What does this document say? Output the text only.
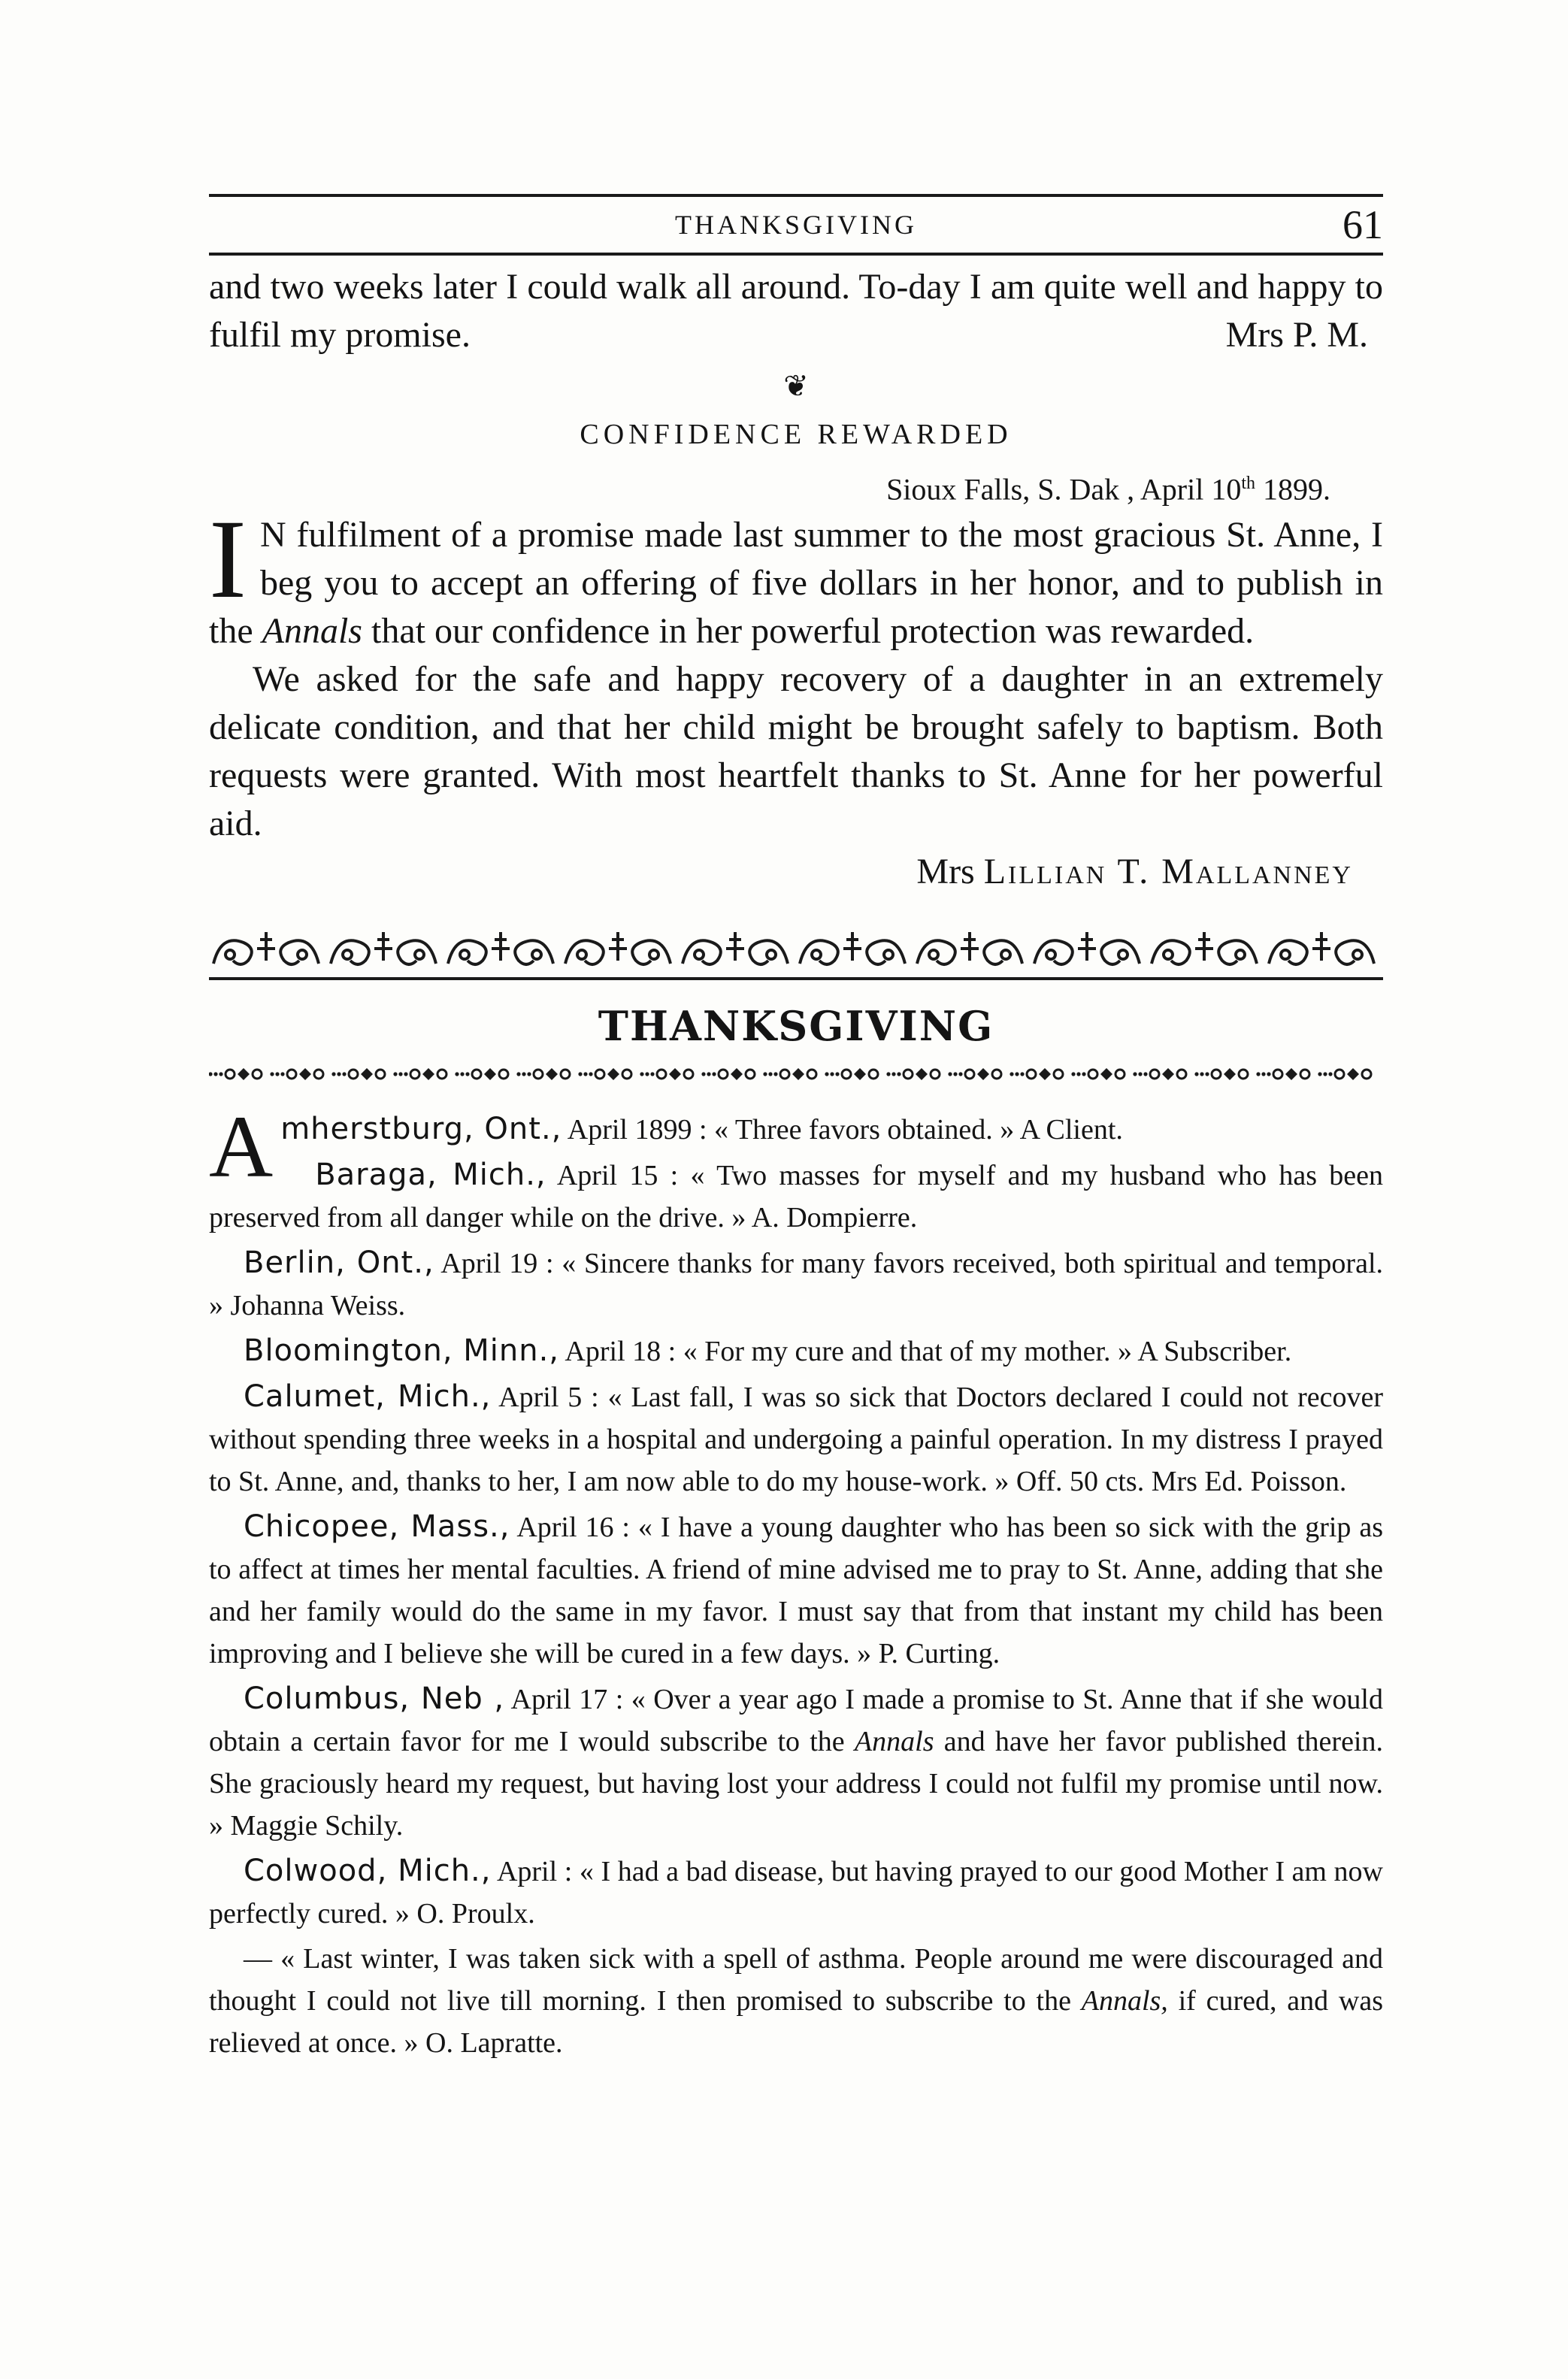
THANKSGIVING	61
and two weeks later I could walk all around. To-day I am quite well and happy to fulfil my promise.	Mrs P. M.
❦
CONFIDENCE REWARDED
Sioux Falls, S. Dak , April 10th 1899.
I N fulfilment of a promise made last summer to the most gracious St. Anne, I beg you to accept an offering of five dollars in her honor, and to publish in the Annals that our confidence in her powerful protection was rewarded.
We asked for the safe and happy recovery of a daughter in an extremely delicate condition, and that her child might be brought safely to baptism. Both requests were granted. With most heartfelt thanks to St. Anne for her powerful aid.
Mrs Lillian T. Mallanney
THANKSGIVING
Amherstburg, Ont., April 1899 : « Three favors obtained. » A Client.
Baraga, Mich., April 15 : « Two masses for myself and my husband who has been preserved from all danger while on the drive. » A. Dompierre.
Berlin, Ont., April 19 : « Sincere thanks for many favors received, both spiritual and temporal. » Johanna Weiss.
Bloomington, Minn., April 18 : « For my cure and that of my mother. » A Subscriber.
Calumet, Mich., April 5 : « Last fall, I was so sick that Doctors declared I could not recover without spending three weeks in a hospital and undergoing a painful operation. In my distress I prayed to St. Anne, and, thanks to her, I am now able to do my house-work. » Off. 50 cts. Mrs Ed. Poisson.
Chicopee, Mass., April 16 : « I have a young daughter who has been so sick with the grip as to affect at times her mental faculties. A friend of mine advised me to pray to St. Anne, adding that she and her family would do the same in my favor. I must say that from that instant my child has been improving and I believe she will be cured in a few days. » P. Curting.
Columbus, Neb , April 17 : « Over a year ago I made a promise to St. Anne that if she would obtain a certain favor for me I would subscribe to the Annals and have her favor published therein. She graciously heard my request, but having lost your address I could not fulfil my promise until now. » Maggie Schily.
Colwood, Mich., April : « I had a bad disease, but having prayed to our good Mother I am now perfectly cured. » O. Proulx.
— « Last winter, I was taken sick with a spell of asthma. People around me were discouraged and thought I could not live till morning. I then promised to subscribe to the Annals, if cured, and was relieved at once. » O. Lapratte.
